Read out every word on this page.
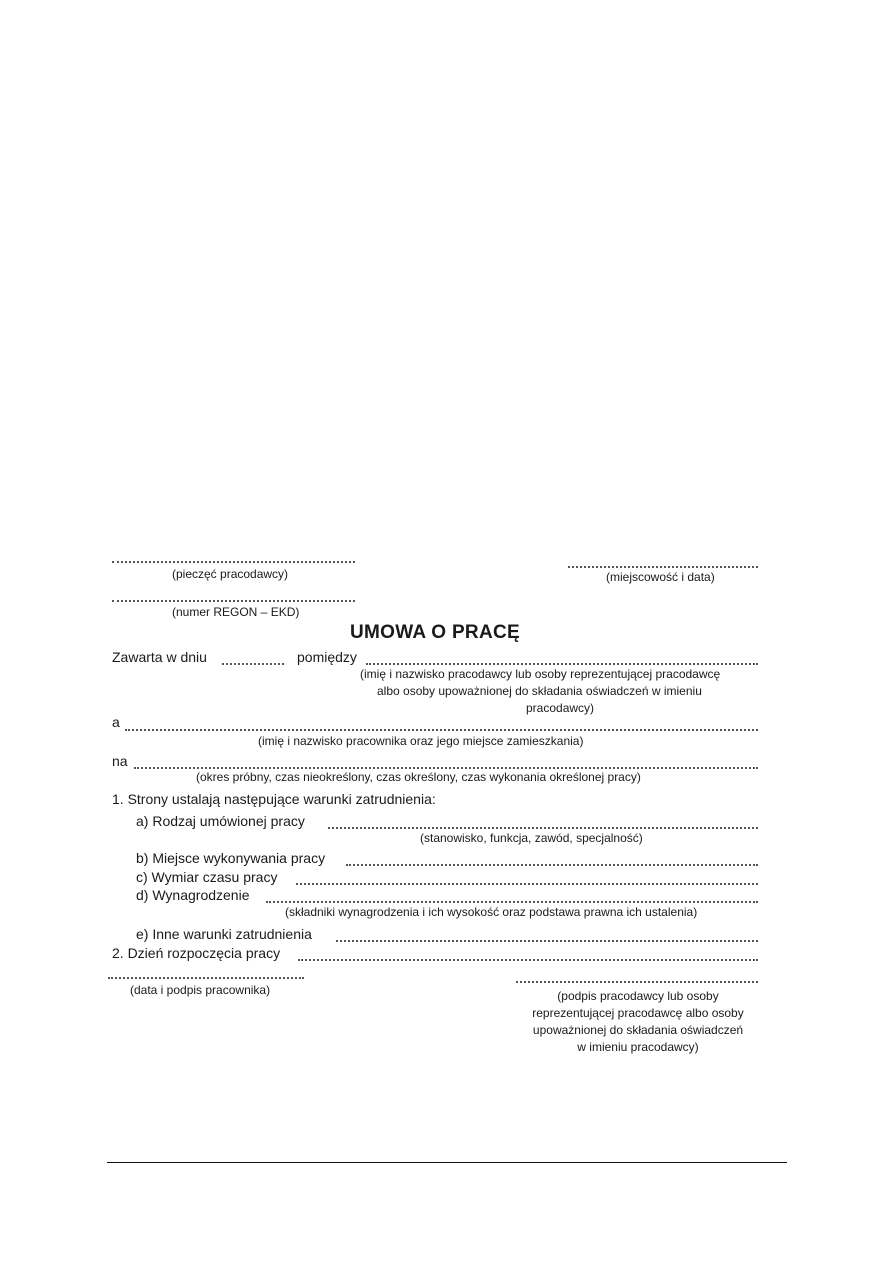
(pieczęć pracodawcy)	(miejscowość i data)
(numer REGON – EKD)
UMOWA O PRACĘ
Zawarta w dniu	pomiędzy
(imię i nazwisko pracodawcy lub osoby reprezentującej pracodawcę
albo osoby upoważnionej do składania oświadczeń w imieniu
pracodawcy)
a
(imię i nazwisko pracownika oraz jego miejsce zamieszkania)
na
(okres próbny, czas nieokreślony, czas określony, czas wykonania określonej pracy)
1. Strony ustalają następujące warunki zatrudnienia:
a) Rodzaj umówionej pracy
(stanowisko, funkcja, zawód, specjalność)
b) Miejsce wykonywania pracy
c) Wymiar czasu pracy
d) Wynagrodzenie
(składniki wynagrodzenia i ich wysokość oraz podstawa prawna ich ustalenia)
e) Inne warunki zatrudnienia
2. Dzień rozpoczęcia pracy
(data i podpis pracownika)	(podpis pracodawcy lub osoby
reprezentującej pracodawcę albo osoby
upoważnionej do składania oświadczeń
w imieniu pracodawcy)
